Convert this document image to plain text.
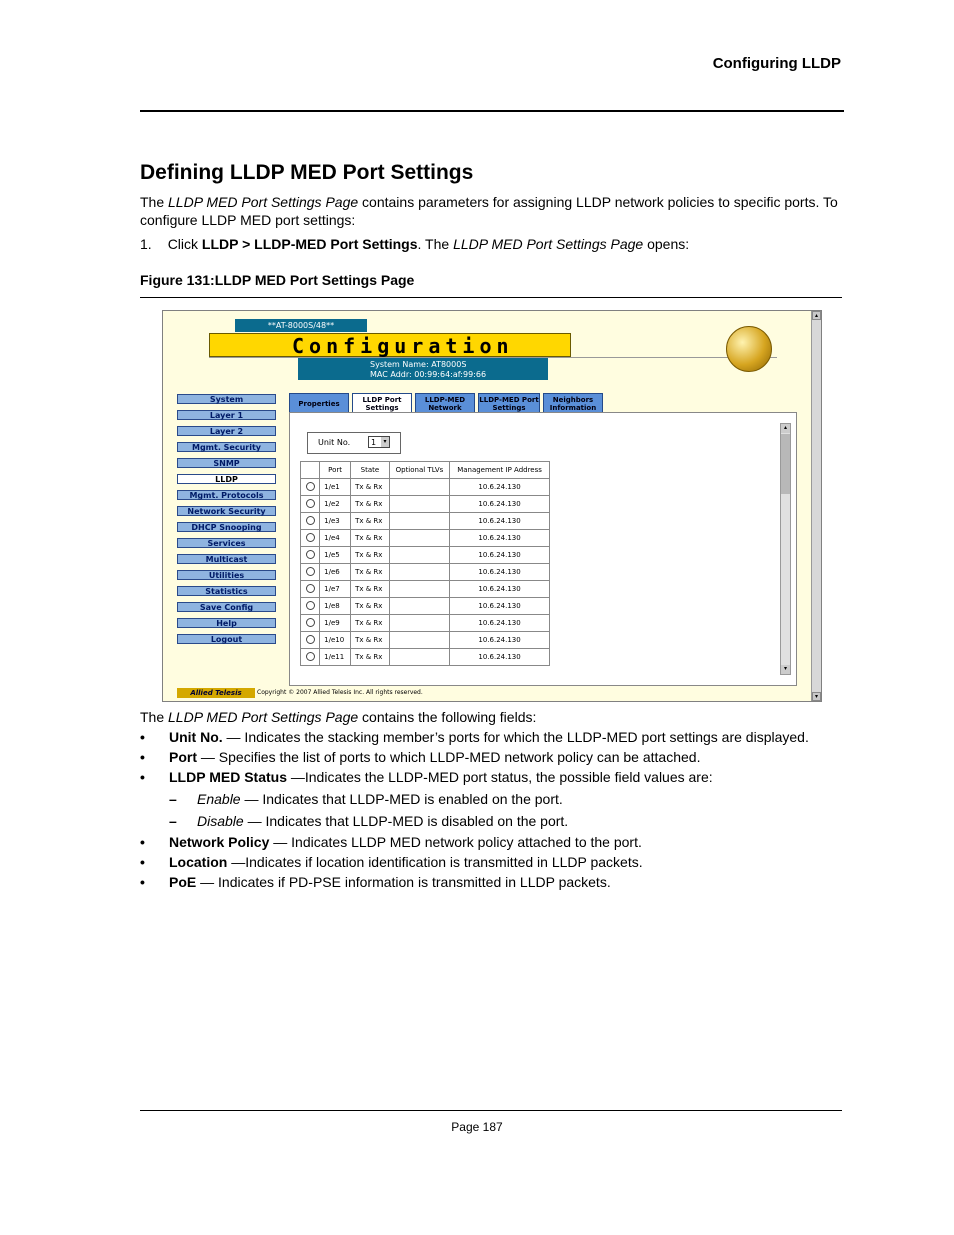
Configuring LLDP
Defining LLDP MED Port Settings
The LLDP MED Port Settings Page contains parameters for assigning LLDP network policies to specific ports. To configure LLDP MED port settings:
1. Click LLDP > LLDP-MED Port Settings. The LLDP MED Port Settings Page opens:
Figure 131:LLDP MED Port Settings Page
**AT-8000S/48**
Configuration
System Name: AT8000S
MAC Addr: 00:99:64:af:99:66
System
Layer 1
Layer 2
Mgmt. Security
SNMP
LLDP
Mgmt. Protocols
Network Security
DHCP Snooping
Services
Multicast
Utilities
Statistics
Save Config
Help
Logout
Properties	LLDP Port
Settings
LLDP-MED
Network
LLDP-MED Port
Settings
Neighbors
Information
Unit No.	1	▾
	Port	State	Optional TLVs	Management IP Address
	1/e1	Tx & Rx		10.6.24.130
	1/e2	Tx & Rx		10.6.24.130
	1/e3	Tx & Rx		10.6.24.130
	1/e4	Tx & Rx		10.6.24.130
	1/e5	Tx & Rx		10.6.24.130
	1/e6	Tx & Rx		10.6.24.130
	1/e7	Tx & Rx		10.6.24.130
	1/e8	Tx & Rx		10.6.24.130
	1/e9	Tx & Rx		10.6.24.130
	1/e10	Tx & Rx		10.6.24.130
	1/e11	Tx & Rx		10.6.24.130
▴
▾
Allied Telesis	Copyright © 2007 Allied Telesis Inc. All rights reserved.
▴
▾
The LLDP MED Port Settings Page contains the following fields:
• Unit No. — Indicates the stacking member’s ports for which the LLDP-MED port settings are displayed.
• Port — Specifies the list of ports to which LLDP-MED network policy can be attached.
• LLDP MED Status —Indicates the LLDP-MED port status, the possible field values are:
– Enable — Indicates that LLDP-MED is enabled on the port.
– Disable — Indicates that LLDP-MED is disabled on the port.
• Network Policy — Indicates LLDP MED network policy attached to the port.
• Location —Indicates if location identification is transmitted in LLDP packets.
• PoE — Indicates if PD-PSE information is transmitted in LLDP packets.
Page 187
